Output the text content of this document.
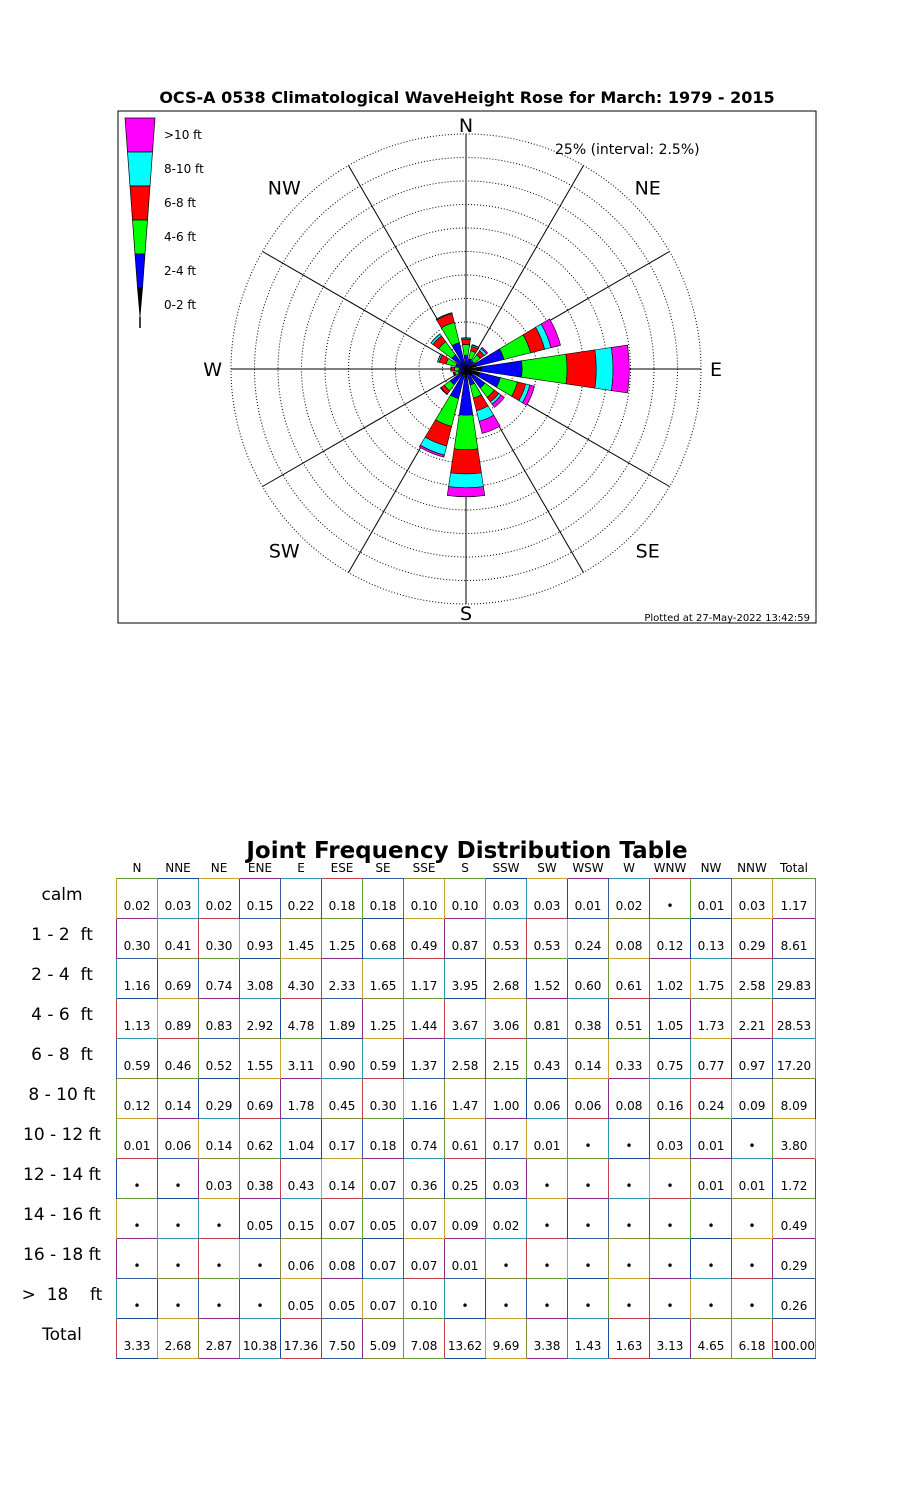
N
NE
E
SE
S
SW
W
NW
25% (interval: 2.5%)
Plotted at 27-May-2022 13:42:59
>10 ft
8-10 ft
6-8 ft
4-6 ft
2-4 ft
0-2 ft
OCS-A 0538 Climatological WaveHeight Rose for March: 1979 - 2015
Joint Frequency Distribution Table
	N	NNE	NE	ENE	E	ESE	SE	SSE	S	SSW	SW	WSW	W	WNW	NW	NNW	Total
calm	0.02	0.03	0.02	0.15	0.22	0.18	0.18	0.10	0.10	0.03	0.03	0.01	0.02	•	0.01	0.03	1.17
1 - 2  ft	0.30	0.41	0.30	0.93	1.45	1.25	0.68	0.49	0.87	0.53	0.53	0.24	0.08	0.12	0.13	0.29	8.61
2 - 4  ft	1.16	0.69	0.74	3.08	4.30	2.33	1.65	1.17	3.95	2.68	1.52	0.60	0.61	1.02	1.75	2.58	29.83
4 - 6  ft	1.13	0.89	0.83	2.92	4.78	1.89	1.25	1.44	3.67	3.06	0.81	0.38	0.51	1.05	1.73	2.21	28.53
6 - 8  ft	0.59	0.46	0.52	1.55	3.11	0.90	0.59	1.37	2.58	2.15	0.43	0.14	0.33	0.75	0.77	0.97	17.20
8 - 10 ft	0.12	0.14	0.29	0.69	1.78	0.45	0.30	1.16	1.47	1.00	0.06	0.06	0.08	0.16	0.24	0.09	8.09
10 - 12 ft	0.01	0.06	0.14	0.62	1.04	0.17	0.18	0.74	0.61	0.17	0.01	•	•	0.03	0.01	•	3.80
12 - 14 ft	•	•	0.03	0.38	0.43	0.14	0.07	0.36	0.25	0.03	•	•	•	•	0.01	0.01	1.72
14 - 16 ft	•	•	•	0.05	0.15	0.07	0.05	0.07	0.09	0.02	•	•	•	•	•	•	0.49
16 - 18 ft	•	•	•	•	0.06	0.08	0.07	0.07	0.01	•	•	•	•	•	•	•	0.29
>  18    ft	•	•	•	•	0.05	0.05	0.07	0.10	•	•	•	•	•	•	•	•	0.26
Total	3.33	2.68	2.87	10.38	17.36	7.50	5.09	7.08	13.62	9.69	3.38	1.43	1.63	3.13	4.65	6.18	100.00
